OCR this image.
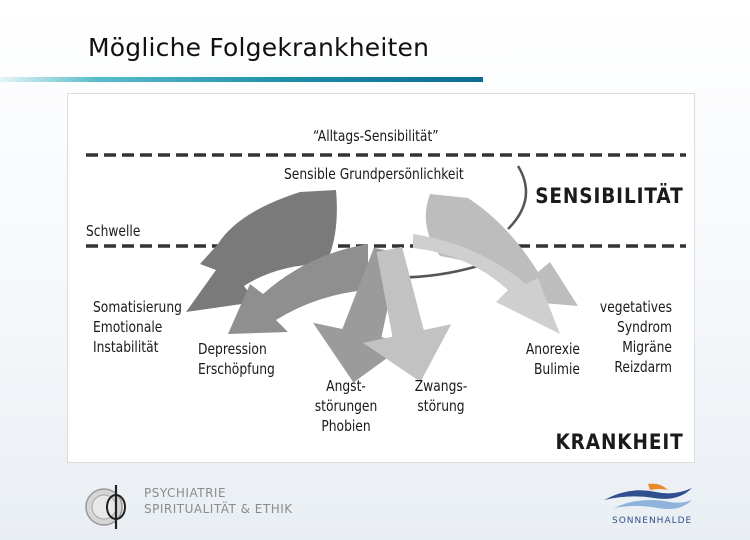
Mögliche Folgekrankheiten
“Alltags-Sensibilität”
Sensible Grundpersönlichkeit
SENSIBILITÄT
Schwelle
Somatisierung
Emotionale
Instabilität	Depression
Erschöpfung
Angst-
störungen
Phobien
Zwangs-
störung
Anorexie
Bulimie
vegetatives
Syndrom
Migräne
Reizdarm
KRANKHEIT
PSYCHIATRIE
SPIRITUALITÄT & ETHIK
SONNENHALDE
